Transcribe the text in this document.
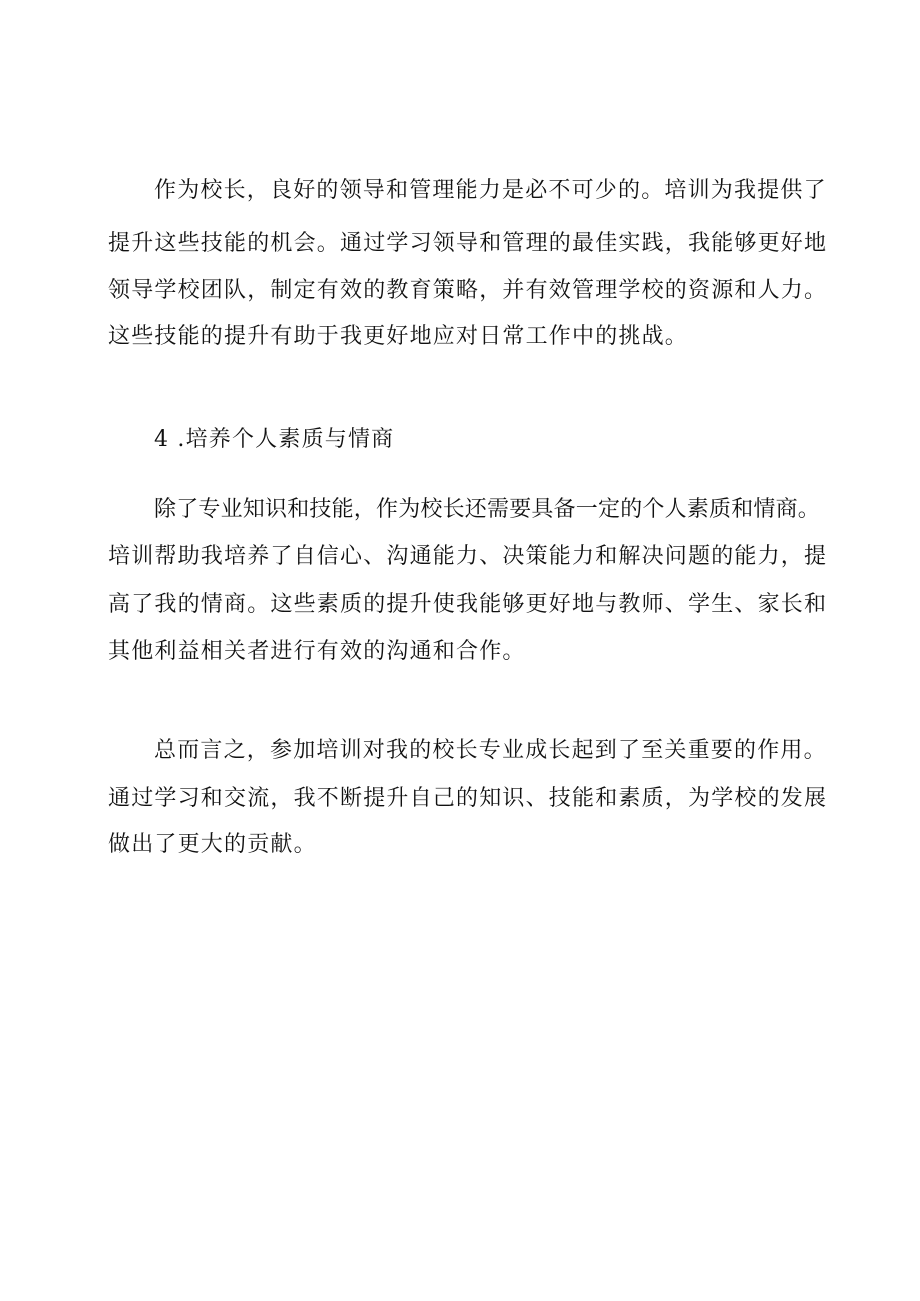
作为校长，良好的领导和管理能力是必不可少的。培训为我提供了
提升这些技能的机会。通过学习领导和管理的最佳实践，我能够更好地
领导学校团队，制定有效的教育策略，并有效管理学校的资源和人力。
这些技能的提升有助于我更好地应对日常工作中的挑战。
4 .培养个人素质与情商
除了专业知识和技能，作为校长还需要具备一定的个人素质和情商。
培训帮助我培养了自信心、沟通能力、决策能力和解决问题的能力，提
高了我的情商。这些素质的提升使我能够更好地与教师、学生、家长和
其他利益相关者进行有效的沟通和合作。
总而言之，参加培训对我的校长专业成长起到了至关重要的作用。
通过学习和交流，我不断提升自己的知识、技能和素质，为学校的发展
做出了更大的贡献。
